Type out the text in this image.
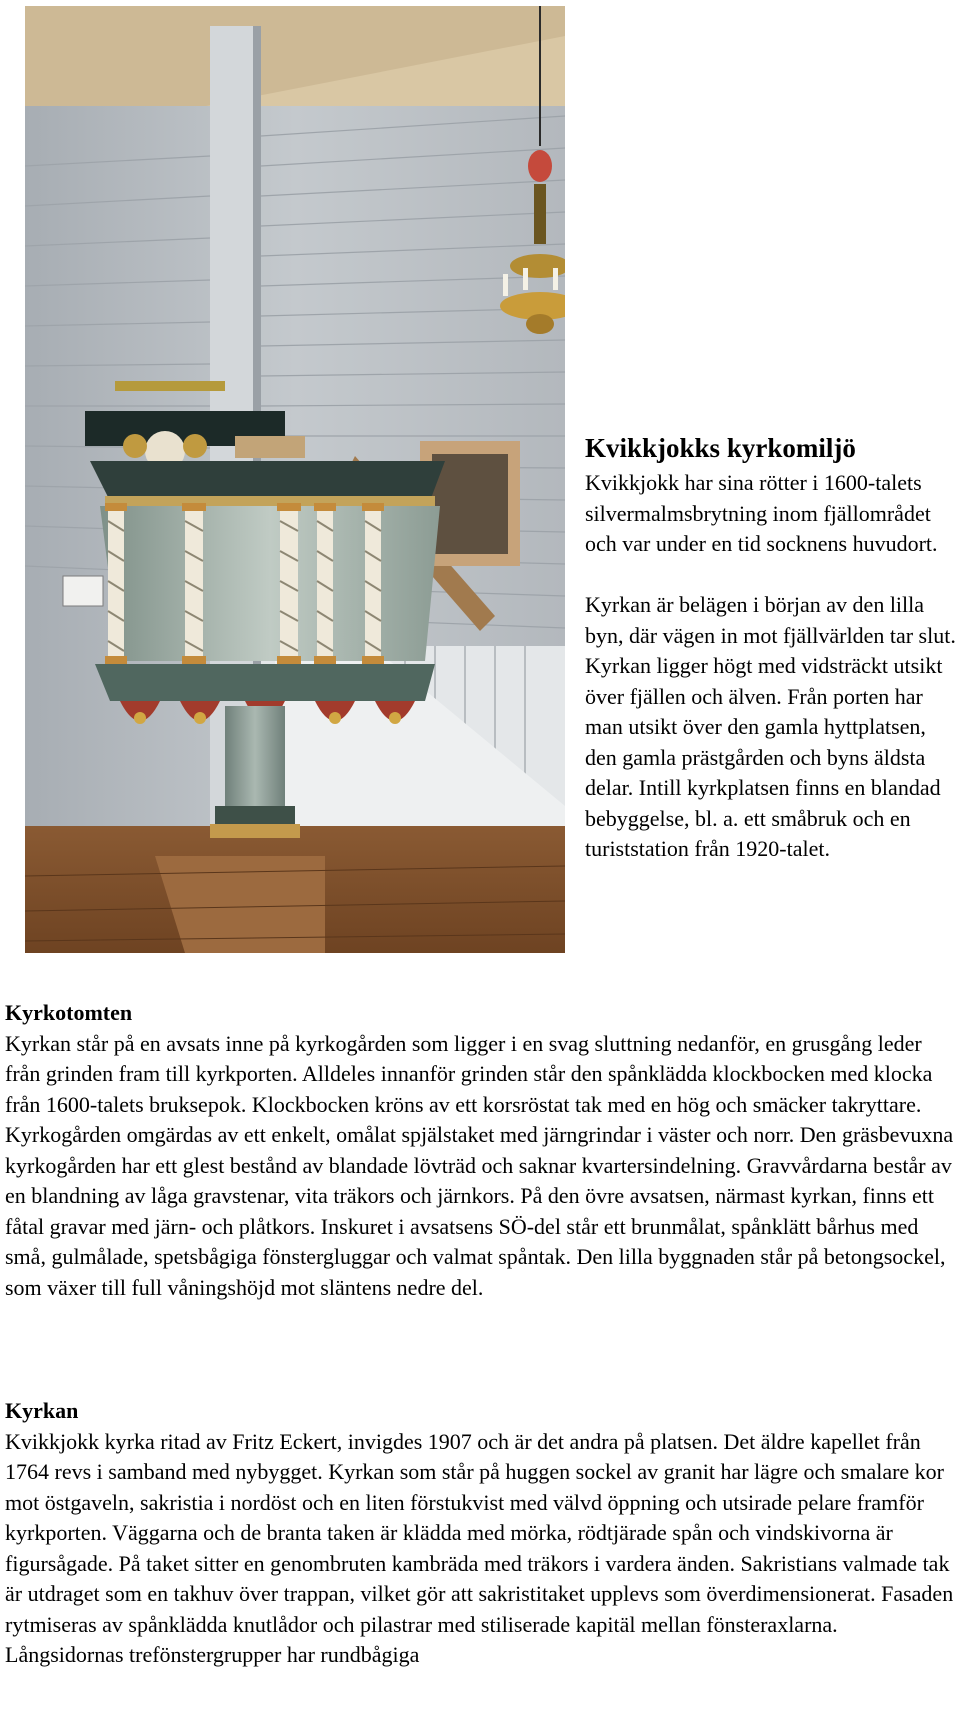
Kvikkjokks kyrkomiljö

Kvikkjokk har sina rötter i 1600-talets silvermalmsbrytning inom fjällområdet och var under en tid socknens huvudort.

Kyrkan är belägen i början av den lilla byn, där vägen in mot fjällvärlden tar slut. Kyrkan ligger högt med vidsträckt utsikt över fjällen och älven. Från porten har man utsikt över den gamla hyttplatsen, den gamla prästgården och byns äldsta delar. Intill kyrkplatsen finns en blandad bebyggelse, bl. a. ett småbruk och en turiststation från 1920-talet.

Kyrkotomten

Kyrkan står på en avsats inne på kyrkogården som ligger i en svag sluttning nedanför, en grusgång leder från grinden fram till kyrkporten. Alldeles innanför grinden står den spånklädda klockbocken med klocka från 1600-talets bruksepok. Klockbocken kröns av ett korsröstat tak med en hög och smäcker takryttare. Kyrkogården omgärdas av ett enkelt, omålat spjälstaket med järngrindar i väster och norr. Den gräsbevuxna kyrkogården har ett glest bestånd av blandade lövträd och saknar kvartersindelning. Gravvårdarna består av en blandning av låga gravstenar, vita träkors och järnkors. På den övre avsatsen, närmast kyrkan, finns ett fåtal gravar med järn- och plåtkors. Inskuret i avsatsens SÖ-del står ett brunmålat, spånklätt bårhus med små, gulmålade, spetsbågiga fönstergluggar och valmat spåntak. Den lilla byggnaden står på betongsockel, som växer till full våningshöjd mot släntens nedre del.

Kyrkan

Kvikkjokk kyrka ritad av Fritz Eckert, invigdes 1907 och är det andra på platsen. Det äldre kapellet från 1764 revs i samband med nybygget. Kyrkan som står på huggen sockel av granit har lägre och smalare kor mot östgaveln, sakristia i nordöst och en liten förstukvist med välvd öppning och utsirade pelare framför kyrkporten. Väggarna och de branta taken är klädda med mörka, rödtjärade spån och vindskivorna är figursågade. På taket sitter en genombruten kambräda med träkors i vardera änden. Sakristians valmade tak är utdraget som en takhuv över trappan, vilket gör att sakristitaket upplevs som överdimensionerat. Fasaden rytmiseras av spånklädda knutlådor och pilastrar med stiliserade kapitäl mellan fönsteraxlarna. Långsidornas trefönstergrupper har rundbågiga
